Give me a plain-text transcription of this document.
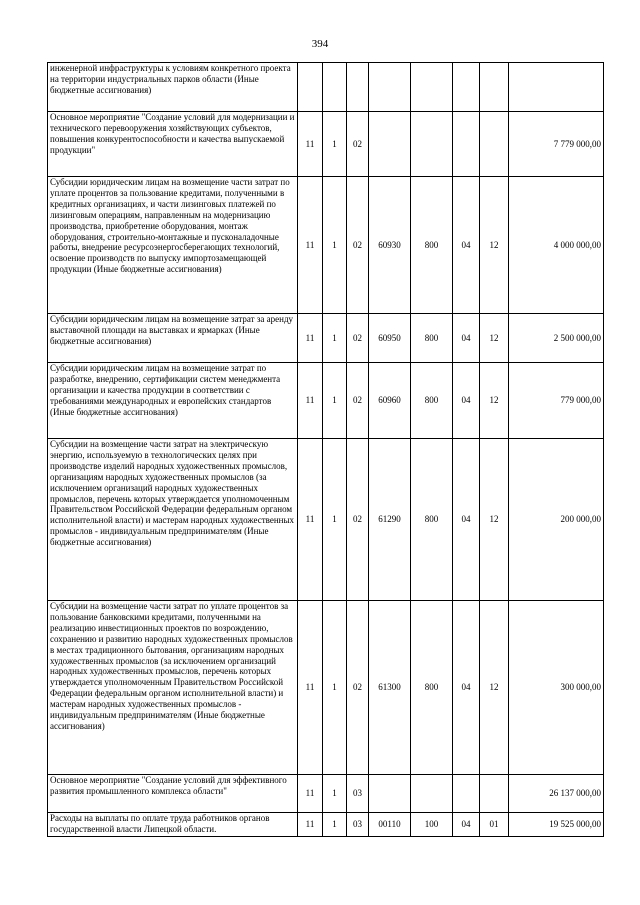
394
инженерной инфраструктуры к условиям конкретного проекта на территории индустриальных парков области (Иные бюджетные ассигнования)								
Основное мероприятие "Создание условий для модернизации и технического перевооружения хозяйствующих субъектов, повышения конкурентоспособности и качества выпускаемой продукции"	11	1	02					7 779 000,00
Субсидии юридическим лицам на возмещение части затрат по уплате процентов за пользование кредитами, полученными в кредитных организациях, и части лизинговых платежей по лизинговым операциям, направленным на модернизацию производства, приобретение оборудования, монтаж оборудования, строительно-монтажные и пусконаладочные работы, внедрение ресурсоэнергосберегающих технологий, освоение производств по выпуску импортозамещающей продукции (Иные бюджетные ассигнования)	11	1	02	60930	800	04	12	4 000 000,00
Субсидии юридическим лицам на возмещение затрат за аренду выставочной площади на выставках и ярмарках (Иные бюджетные ассигнования)	11	1	02	60950	800	04	12	2 500 000,00
Субсидии юридическим лицам на возмещение затрат по разработке, внедрению, сертификации систем менеджмента организации и качества продукции в соответствии с требованиями международных и европейских стандартов (Иные бюджетные ассигнования)	11	1	02	60960	800	04	12	779 000,00
Субсидии на возмещение части затрат на электрическую энергию, используемую в технологических целях при производстве изделий народных художественных промыслов, организациям народных художественных промыслов (за исключением организаций народных художественных промыслов, перечень которых утверждается уполномоченным Правительством Российской Федерации федеральным органом исполнительной власти) и мастерам народных художественных промыслов - индивидуальным предпринимателям (Иные бюджетные ассигнования)	11	1	02	61290	800	04	12	200 000,00
Субсидии на возмещение части затрат по уплате процентов за пользование банковскими кредитами, полученными на реализацию инвестиционных проектов по возрождению, сохранению и развитию народных художественных промыслов в местах традиционного бытования, организациям народных художественных промыслов (за исключением организаций народных художественных промыслов, перечень которых утверждается уполномоченным Правительством Российской Федерации федеральным органом исполнительной власти) и мастерам народных художественных промыслов - индивидуальным предпринимателям (Иные бюджетные ассигнования)	11	1	02	61300	800	04	12	300 000,00
Основное мероприятие "Создание условий для эффективного развития промышленного комплекса области"	11	1	03					26 137 000,00
Расходы на выплаты по оплате труда работников органов государственной власти Липецкой области.	11	1	03	00110	100	04	01	19 525 000,00
